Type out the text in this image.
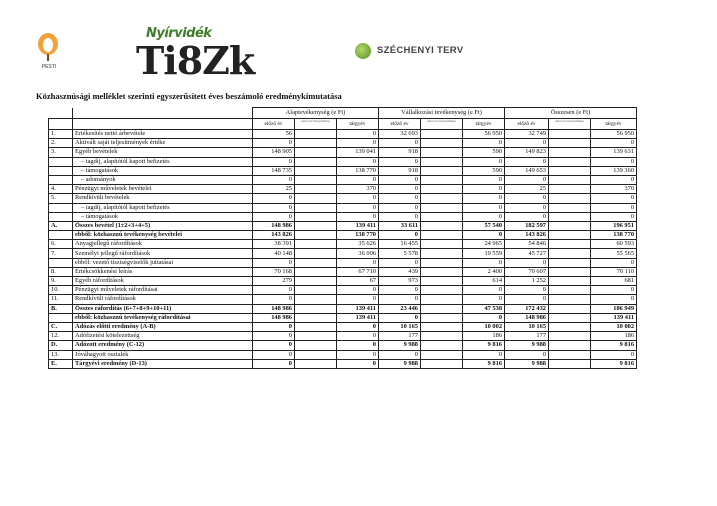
PESTI
Nyírvidék
Ti8Zk	SZÉCHENYI TERV
Közhasznúsági melléklet szerinti egyszerűsített éves beszámoló eredménykimutatása
		Alaptevékenység (e Ft)			Vállalkozási tevékenység (e Ft)			Összesen (e Ft)		
		előző év	előző év helyesbítése	tárgyév	előző év	előző év helyesbítése	tárgyév	előző év	előző év helyesbítése	tárgyév
1.	Értékesítés nettó árbevétele	56		0	32 693		56 950	32 749		56 950
2.	Aktivált saját teljesítmények értéke	0		0	0		0	0		0
3.	Egyéb bevételek	148 905		139 041	918		590	149 823		139 631
	– tagdíj, alapítótól kapott befizetés	0		0	0		0	0		0
	– támogatások	148 735		138 770	918		590	149 653		139 360
	– adományok	0		0	0		0	0		0
4.	Pénzügyi műveletek bevételei	25		370	0		0	25		370
5.	Rendkívüli bevételek	0		0	0		0	0		0
	– tagdíj, alapítótól kapott befizetés	0		0	0		0	0		0
	– támogatások	0		0	0		0	0		0
A.	Összes bevétel (1±2+3+4+5)	148 986		139 411	33 611		57 540	182 597		196 951
	ebből: közhasznú tevékenység bevételei	143 826		138 770	0		0	143 826		138 770
6.	Anyagjellegű ráfordítások	38 391		35 626	16 455		24 965	54 846		60 593
7.	Személyi jellegű ráfordítások	40 148		36 006	5 578		19 559	45 727		55 565
	ebből: vezető tisztségviselők juttatásai	0		0	0		0	0		0
8.	Értékcsökkenési leírás	70 168		67 710	439		2 400	70 607		70 110
9.	Egyéb ráfordítások	279		67	973		614	1 252		681
10.	Pénzügyi műveletek ráfordításai	0		0	0		0	0		0
11.	Rendkívüli ráfordítások	0		0	0		0	0		0
B.	Összes ráfordítás (6+7+8+9+10+11)	148 986		139 411	23 446		47 538	172 432		186 949
	ebből: közhasznú tevékenység ráfordításai	148 986		139 411	0		0	148 986		139 411
C.	Adózás előtti eredmény (A-B)	0		0	10 165		10 002	10 165		10 002
12.	Adófizetési kötelezettség	0		0	177		186	177		186
D.	Adózott eredmény (C-12)	0		0	9 988		9 816	9 988		9 816
13.	Jóváhagyott osztalék	0		0	0		0	0		0
E.	Tárgyévi eredmény (D-13)	0		0	9 988		9 816	9 988		9 816
